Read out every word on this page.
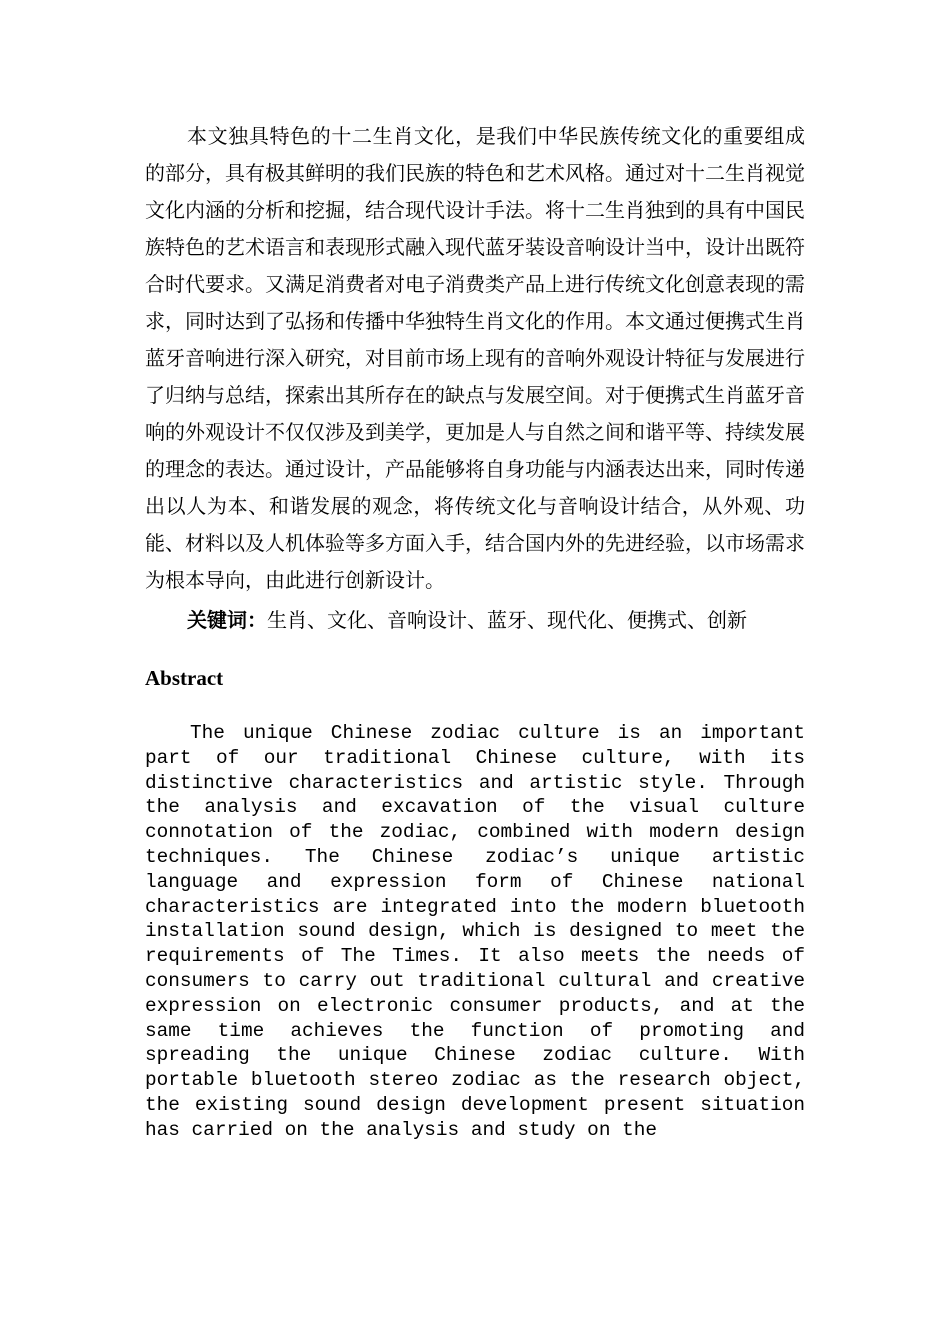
本文独具特色的十二生肖文化，是我们中华民族传统文化的重要组成的部分，具有极其鲜明的我们民族的特色和艺术风格。通过对十二生肖视觉文化内涵的分析和挖掘，结合现代设计手法。将十二生肖独到的具有中国民族特色的艺术语言和表现形式融入现代蓝牙装设音响设计当中，设计出既符合时代要求。又满足消费者对电子消费类产品上进行传统文化创意表现的需求，同时达到了弘扬和传播中华独特生肖文化的作用。本文通过便携式生肖蓝牙音响进行深入研究，对目前市场上现有的音响外观设计特征与发展进行了归纳与总结，探索出其所存在的缺点与发展空间。对于便携式生肖蓝牙音响的外观设计不仅仅涉及到美学，更加是人与自然之间和谐平等、持续发展的理念的表达。通过设计，产品能够将自身功能与内涵表达出来，同时传递出以人为本、和谐发展的观念，将传统文化与音响设计结合，从外观、功能、材料以及人机体验等多方面入手，结合国内外的先进经验，以市场需求为根本导向，由此进行创新设计。

关键词：生肖、文化、音响设计、蓝牙、现代化、便携式、创新

Abstract

The unique Chinese zodiac culture is an important part of our traditional Chinese culture, with its distinctive characteristics and artistic style. Through the analysis and excavation of the visual culture connotation of the zodiac, combined with modern design techniques. The Chinese zodiac’s unique artistic language and expression form of Chinese national characteristics are integrated into the modern bluetooth installation sound design, which is designed to meet the requirements of The Times. It also meets the needs of consumers to carry out traditional cultural and creative expression on electronic consumer products, and at the same time achieves the function of promoting and spreading the unique Chinese zodiac culture. With portable bluetooth stereo zodiac as the research object, the existing sound design development present situation has carried on the analysis and study on the
